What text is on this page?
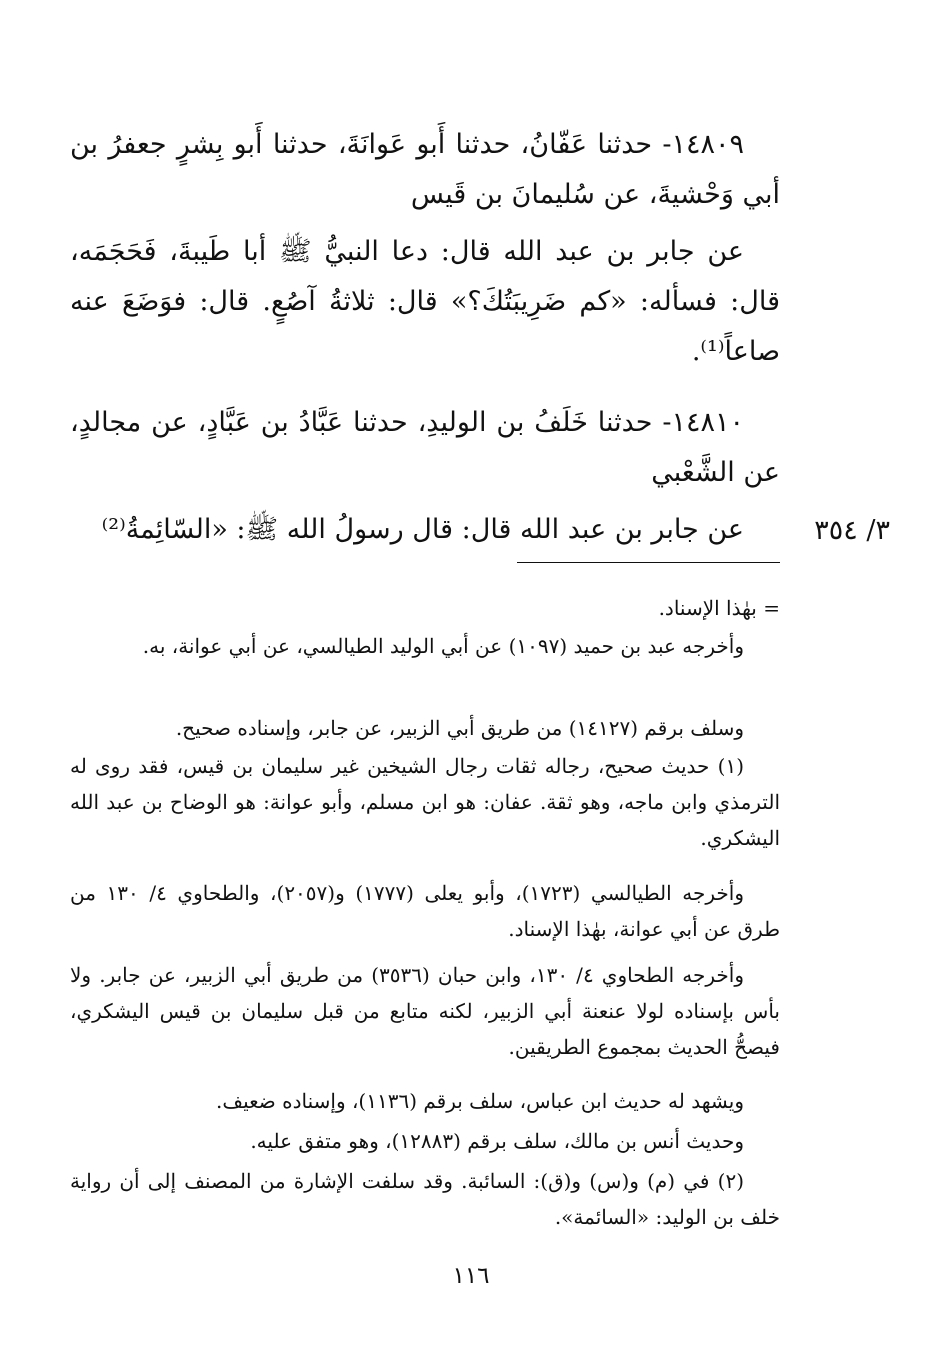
١٤٨٠٩- حدثنا عَفّانُ، حدثنا أَبو عَوانَةَ، حدثنا أَبو بِشرٍ جعفرُ بن أبي وَحْشيةَ، عن سُليمانَ بن قَيس
عن جابر بن عبد الله قال: دعا النبيُّ ﷺ أبا طَيبةَ، فَحَجَمَه، قال: فسأله: «كم ضَرِيبَتُكَ؟» قال: ثلاثةُ آصُعٍ. قال: فوَضَعَ عنه صاعاً⁽¹⁾.
١٤٨١٠- حدثنا خَلَفُ بن الوليدِ، حدثنا عَبَّادُ بن عَبَّادٍ، عن مجالدٍ، عن الشَّعْبي
عن جابر بن عبد الله قال: قال رسولُ الله ﷺ: «السّائِمةُ⁽²⁾	٣/ ٣٥٤
= بهٰذا الإسناد.
وأخرجه عبد بن حميد (١٠٩٧) عن أبي الوليد الطيالسي، عن أبي عوانة، به.
وسلف برقم (١٤١٢٧) من طريق أبي الزبير، عن جابر، وإسناده صحيح.
(١) حديث صحيح، رجاله ثقات رجال الشيخين غير سليمان بن قيس، فقد روى له الترمذي وابن ماجه، وهو ثقة. عفان: هو ابن مسلم، وأبو عوانة: هو الوضاح بن عبد الله اليشكري.
وأخرجه الطيالسي (١٧٢٣)، وأبو يعلى (١٧٧٧) و(٢٠٥٧)، والطحاوي ٤/ ١٣٠ من طرق عن أبي عوانة، بهٰذا الإسناد.
وأخرجه الطحاوي ٤/ ١٣٠، وابن حبان (٣٥٣٦) من طريق أبي الزبير، عن جابر. ولا بأس بإسناده لولا عنعنة أبي الزبير، لكنه متابع من قبل سليمان بن قيس اليشكري، فيصحُّ الحديث بمجموع الطريقين.
ويشهد له حديث ابن عباس، سلف برقم (١١٣٦)، وإسناده ضعيف.
وحديث أنس بن مالك، سلف برقم (١٢٨٨٣)، وهو متفق عليه.
(٢) في (م) و(س) و(ق): السائبة. وقد سلفت الإشارة من المصنف إلى أن رواية خلف بن الوليد: «السائمة».
١١٦
